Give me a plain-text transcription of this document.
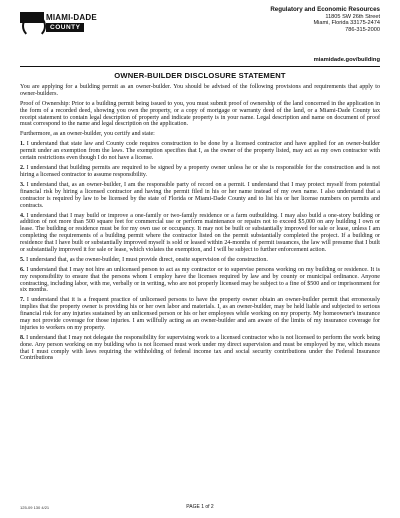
MIAMI-DADE
COUNTY
Regulatory and Economic Resources
11805 SW 26th Street
Miami, Florida 33175-2474
786-315-2000
miamidade.gov/building
OWNER-BUILDER DISCLOSURE STATEMENT

You are applying for a building permit as an owner-builder. You should be advised of the following provisions and requirements that apply to owner-builders.

Proof of Ownership: Prior to a building permit being issued to you, you must submit proof of ownership of the land concerned in the application in the form of a recorded deed, showing you own the property, or a copy of mortgage or warranty deed of the land, or a Miami-Dade County tax receipt statement to contain legal description of property and indicate property is in your name. Legal description and name on document of proof must correspond to the name and legal description on the application.

Furthermore, as an owner-builder, you certify and state:

1. I understand that state law and County code requires construction to be done by a licensed contractor and have applied for an owner-builder permit under an exemption from the laws. The exemption specifies that I, as the owner of the property listed, may act as my own contractor with certain restrictions even though I do not have a license.

2. I understand that building permits are required to be signed by a property owner unless he or she is responsible for the construction and is not hiring a licensed contractor to assume responsibility.

3. I understand that, as an owner-builder, I am the responsible party of record on a permit. I understand that I may protect myself from potential financial risk by hiring a licensed contractor and having the permit filed in his or her name instead of my own name. I also understand that a contractor is required by law to be licensed by the state of Florida or Miami-Dade County and to list his or her license numbers on permits and contracts.

4. I understand that I may build or improve a one-family or two-family residence or a farm outbuilding. I may also build a one-story building or addition of not more than 500 square feet for commercial use or perform maintenance or repairs not to exceed $5,000 on any building I own or lease. The building or residence must be for my own use or occupancy. It may not be built or substantially improved for sale or lease, unless I am completing the requirements of a building permit where the contractor listed on the permit substantially completed the project. If a building or residence that I have built or substantially improved myself is sold or leased within 24-months of permit issuances, the law will presume that I built or substantially improved it for sale or lease, which violates the exemption, and I will be subject to further enforcement action.

5. I understand that, as the owner-builder, I must provide direct, onsite supervision of the construction.

6. I understand that I may not hire an unlicensed person to act as my contractor or to supervise persons working on my building or residence. It is my responsibility to ensure that the persons whom I employ have the licenses required by law and by county or municipal ordinance. Anyone contracting, including labor, with me, verbally or in writing, who are not properly licensed may be subject to a fine of $500 and or imprisonment for six months.

7. I understand that it is a frequent practice of unlicensed persons to have the property owner obtain an owner-builder permit that erroneously implies that the property owner is providing his or her own labor and materials. I, as an owner-builder, may be held liable and subjected to serious financial risk for any injuries sustained by an unlicensed person or his or her employees while working on my property. My homeowner's insurance may not provide coverage for those injuries. I am willfully acting as an owner-builder and am aware of the limits of my insurance coverage for injuries to workers on my property.

8. I understand that I may not delegate the responsibility for supervising work to a licensed contractor who is not licensed to perform the work being done. Any person working on my building who is not licensed must work under my direct supervision and must be employed by me, which means that I must comply with laws requiring the withholding of federal income tax and social security contributions under the Federal Insurance Contributions

125-09 130 4/21	PAGE 1 of 2
